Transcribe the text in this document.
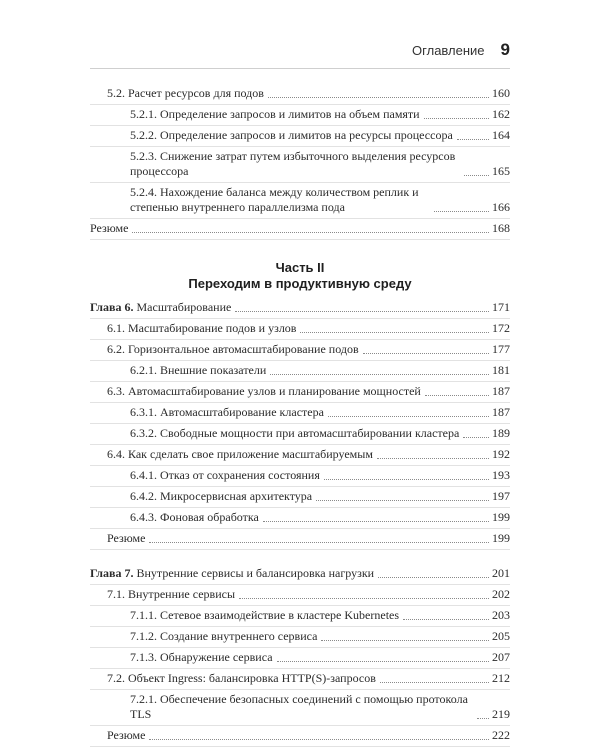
Оглавление 9
5.2. Расчет ресурсов для подов	160
5.2.1. Определение запросов и лимитов на объем памяти	162
5.2.2. Определение запросов и лимитов на ресурсы процессора	164
5.2.3. Снижение затрат путем избыточного выделения ресурсов процессора	165
5.2.4. Нахождение баланса между количеством реплик и степенью внутреннего параллелизма пода	166
Резюме	168
Часть II
Переходим в продуктивную среду
Глава 6. Масштабирование	171
6.1. Масштабирование подов и узлов	172
6.2. Горизонтальное автомасштабирование подов	177
6.2.1. Внешние показатели	181
6.3. Автомасштабирование узлов и планирование мощностей	187
6.3.1. Автомасштабирование кластера	187
6.3.2. Свободные мощности при автомасштабировании кластера	189
6.4. Как сделать свое приложение масштабируемым	192
6.4.1. Отказ от сохранения состояния	193
6.4.2. Микросервисная архитектура	197
6.4.3. Фоновая обработка	199
Резюме	199
Глава 7. Внутренние сервисы и балансировка нагрузки	201
7.1. Внутренние сервисы	202
7.1.1. Сетевое взаимодействие в кластере Kubernetes	203
7.1.2. Создание внутреннего сервиса	205
7.1.3. Обнаружение сервиса	207
7.2. Объект Ingress: балансировка HTTP(S)-запросов	212
7.2.1. Обеспечение безопасных соединений с помощью протокола TLS	219
Резюме	222
